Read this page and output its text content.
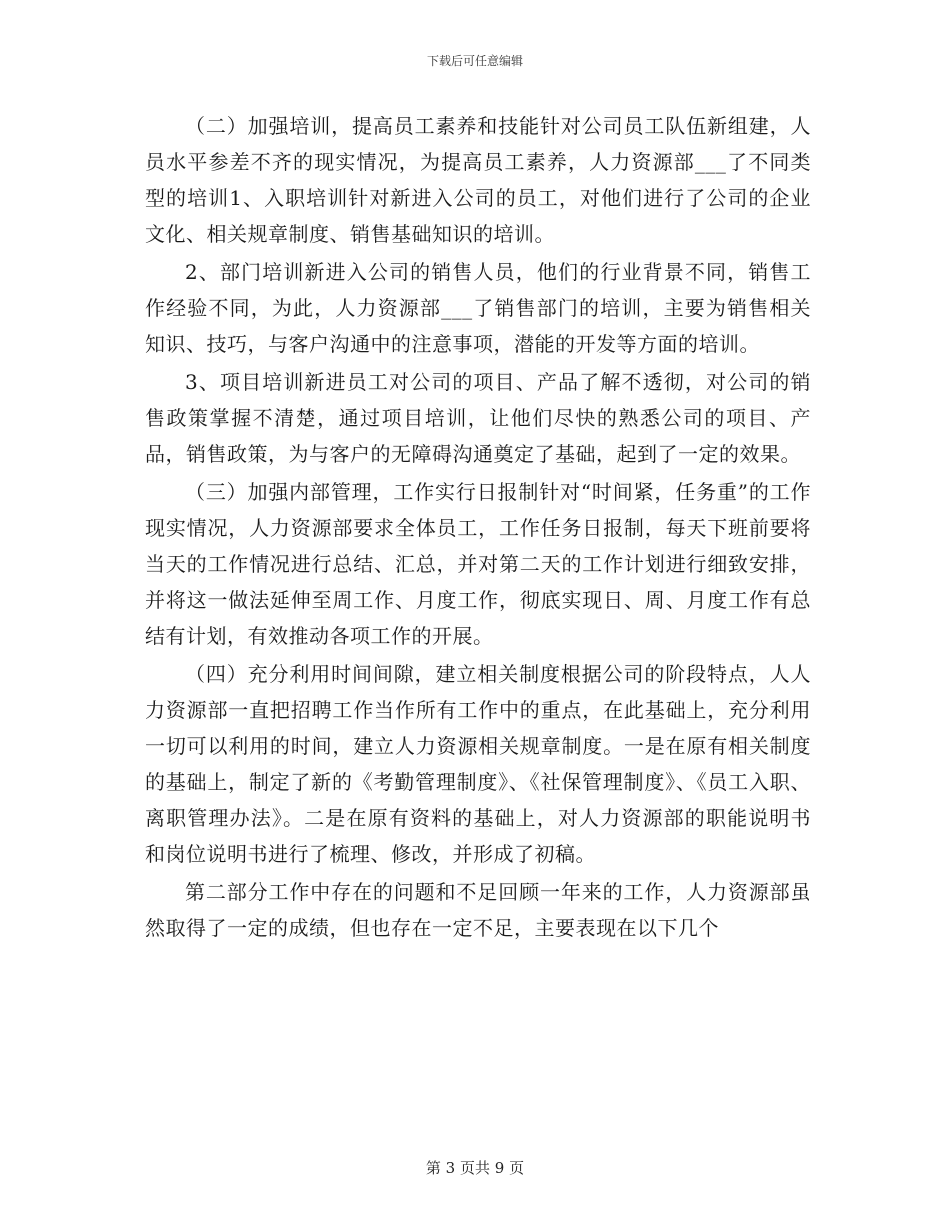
下载后可任意编辑

（二）加强培训，提高员工素养和技能针对公司员工队伍新组建，人员水平参差不齐的现实情况，为提高员工素养，人力资源部___了不同类型的培训1、入职培训针对新进入公司的员工，对他们进行了公司的企业文化、相关规章制度、销售基础知识的培训。

2、部门培训新进入公司的销售人员，他们的行业背景不同，销售工作经验不同，为此，人力资源部___了销售部门的培训，主要为销售相关知识、技巧，与客户沟通中的注意事项，潜能的开发等方面的培训。

3、项目培训新进员工对公司的项目、产品了解不透彻，对公司的销售政策掌握不清楚，通过项目培训，让他们尽快的熟悉公司的项目、产品，销售政策，为与客户的无障碍沟通奠定了基础，起到了一定的效果。

（三）加强内部管理，工作实行日报制针对“时间紧，任务重”的工作现实情况，人力资源部要求全体员工，工作任务日报制，每天下班前要将当天的工作情况进行总结、汇总，并对第二天的工作计划进行细致安排，并将这一做法延伸至周工作、月度工作，彻底实现日、周、月度工作有总结有计划，有效推动各项工作的开展。

（四）充分利用时间间隙，建立相关制度根据公司的阶段特点，人人力资源部一直把招聘工作当作所有工作中的重点，在此基础上，充分利用一切可以利用的时间，建立人力资源相关规章制度。一是在原有相关制度的基础上，制定了新的《考勤管理制度》、《社保管理制度》、《员工入职、离职管理办法》。二是在原有资料的基础上，对人力资源部的职能说明书和岗位说明书进行了梳理、修改，并形成了初稿。

第二部分工作中存在的问题和不足回顾一年来的工作，人力资源部虽然取得了一定的成绩，但也存在一定不足，主要表现在以下几个

第 3 页共 9 页
